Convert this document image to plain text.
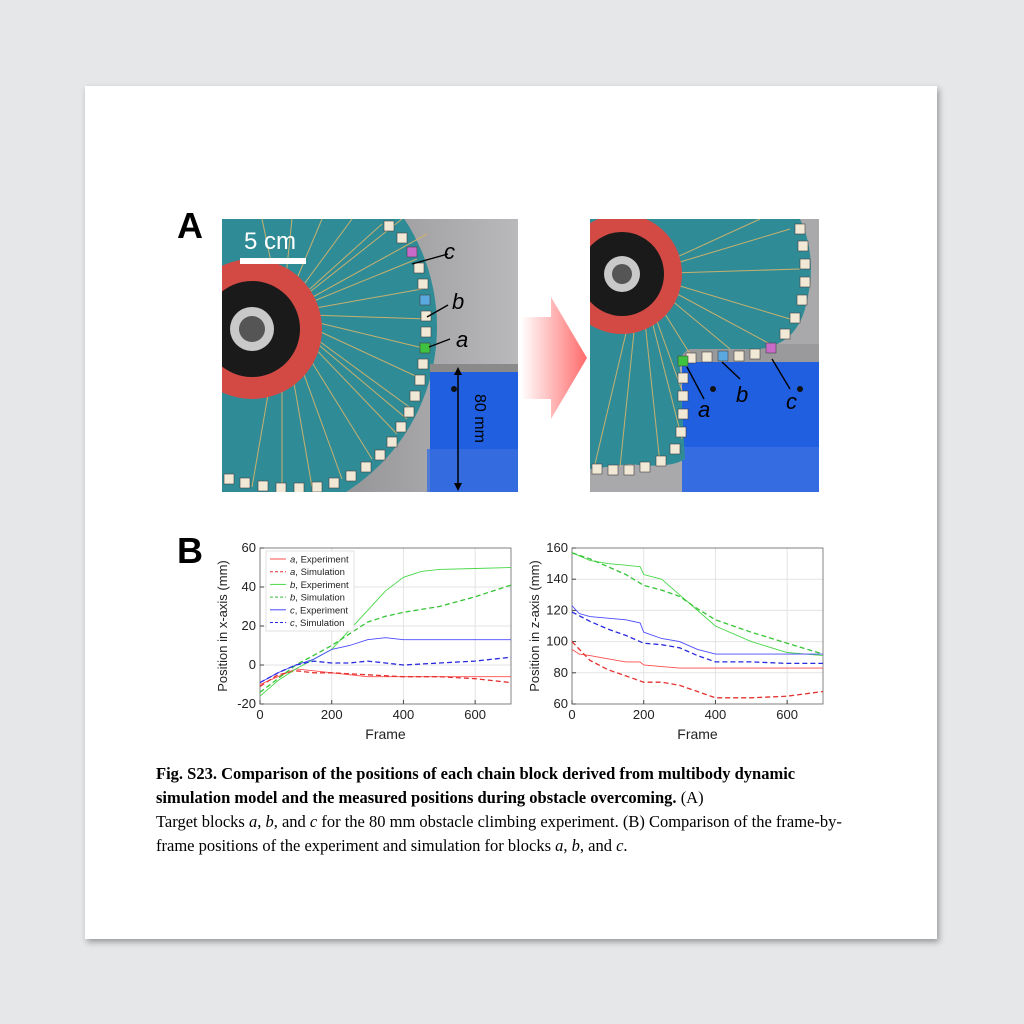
A
B
5 cm	c
b
a
80 mm	a
b c
0	200	400	600
-20
0
20
40
60
Frame
Position in x-axis (mm)
a, Experiment
a, Simulation
b, Experiment
b, Simulation
c, Experiment
c, Simulation
0	200	400	600
60
80
100
120
140
160
Frame
Position in z-axis (mm)
Fig. S23. Comparison of the positions of each chain block derived from multibody dynamic simulation model and the measured positions during obstacle overcoming. (A)
Target blocks a, b, and c for the 80 mm obstacle climbing experiment. (B) Comparison of the frame-by-frame positions of the experiment and simulation for blocks a, b, and c.
